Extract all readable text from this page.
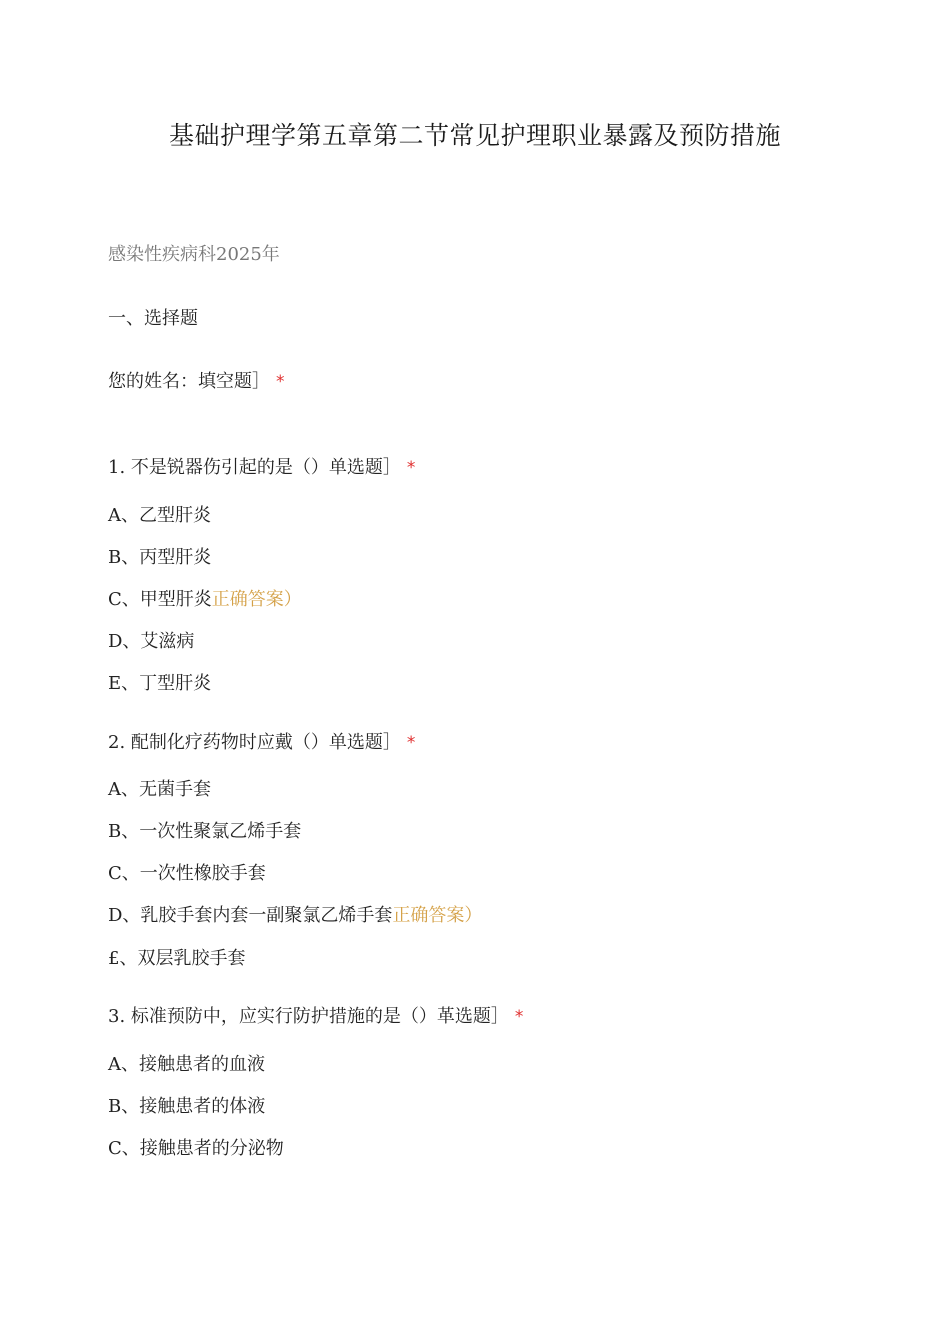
基础护理学第五章第二节常见护理职业暴露及预防措施

感染性疾病科2025年

一、选择题

您的姓名：填空题］ *

1. 不是锐器伤引起的是（）单选题］ *

A、乙型肝炎

B、丙型肝炎

C、甲型肝炎正确答案）

D、艾滋病

E、丁型肝炎

2. 配制化疗药物时应戴（）单选题］ *

A、无菌手套

B、一次性聚氯乙烯手套

C、一次性橡胶手套

D、乳胶手套内套一副聚氯乙烯手套正确答案）

£、双层乳胶手套

3. 标准预防中，应实行防护措施的是（）革选题］ *

A、接触患者的血液

B、接触患者的体液

C、接触患者的分泌物
